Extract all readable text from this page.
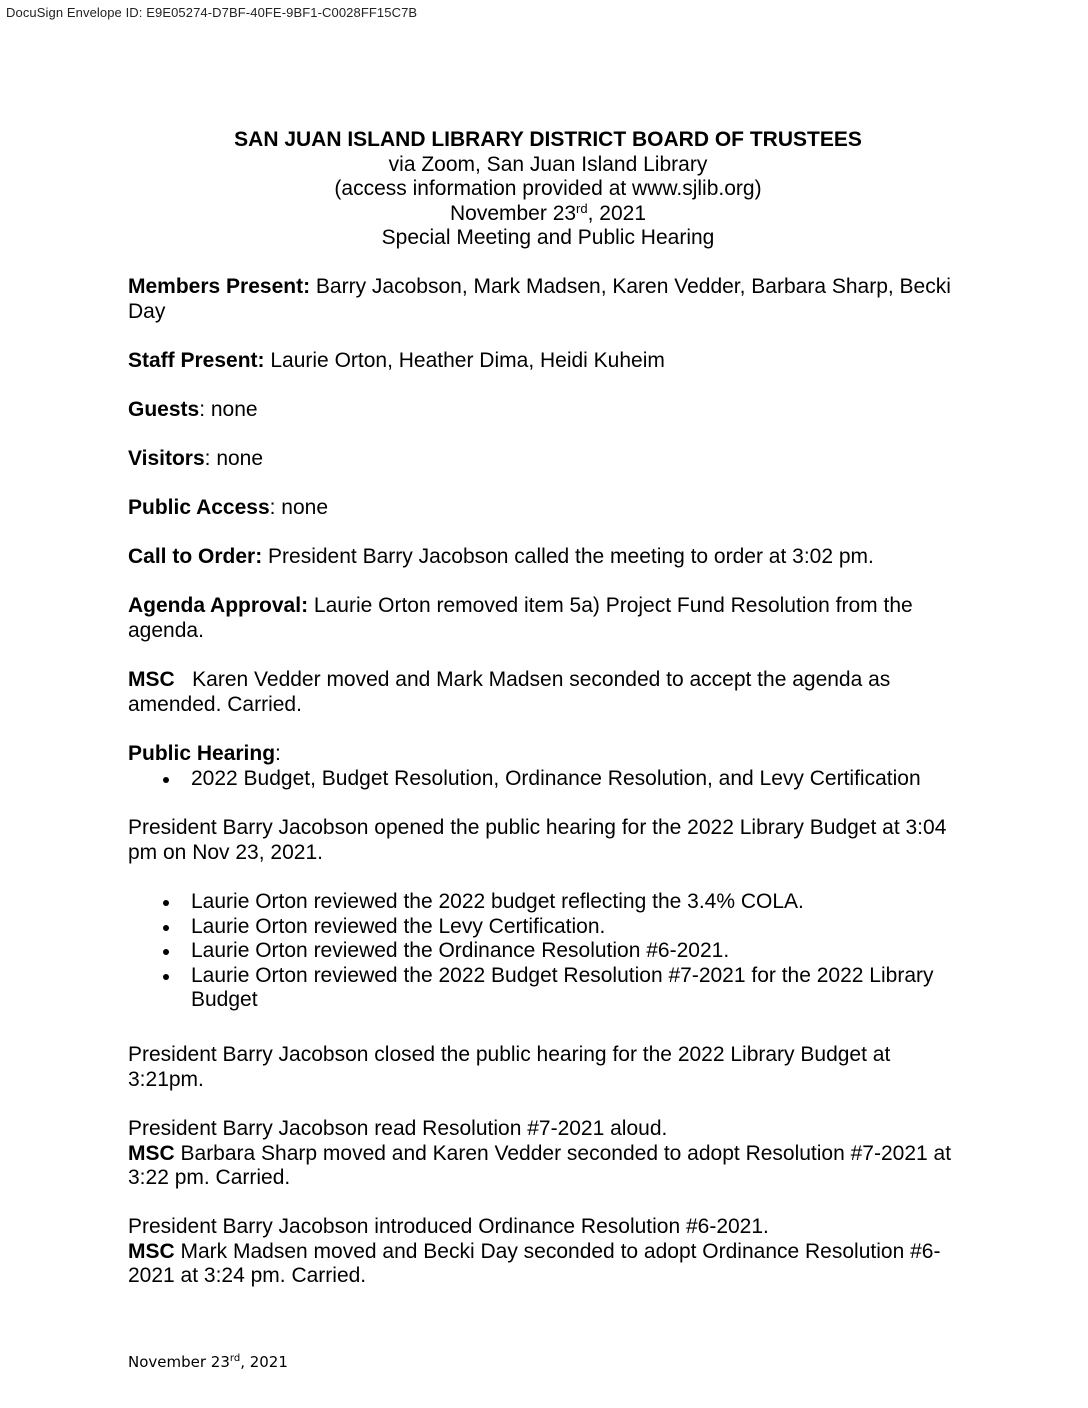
DocuSign Envelope ID: E9E05274-D7BF-40FE-9BF1-C0028FF15C7B
SAN JUAN ISLAND LIBRARY DISTRICT BOARD OF TRUSTEES
via Zoom, San Juan Island Library
(access information provided at www.sjlib.org)
November 23rd, 2021
Special Meeting and Public Hearing
Members Present: Barry Jacobson, Mark Madsen, Karen Vedder, Barbara Sharp, Becki Day
Staff Present: Laurie Orton, Heather Dima, Heidi Kuheim
Guests: none
Visitors: none
Public Access: none
Call to Order: President Barry Jacobson called the meeting to order at 3:02 pm.
Agenda Approval: Laurie Orton removed item 5a) Project Fund Resolution from the agenda.
MSC   Karen Vedder moved and Mark Madsen seconded to accept the agenda as amended. Carried.
Public Hearing:
2022 Budget, Budget Resolution, Ordinance Resolution, and Levy Certification
President Barry Jacobson opened the public hearing for the 2022 Library Budget at 3:04 pm on Nov 23, 2021.
Laurie Orton reviewed the 2022 budget reflecting the 3.4% COLA.
Laurie Orton reviewed the Levy Certification.
Laurie Orton reviewed the Ordinance Resolution #6-2021.
Laurie Orton reviewed the 2022 Budget Resolution #7-2021 for the 2022 Library Budget
President Barry Jacobson closed the public hearing for the 2022 Library Budget at 3:21pm.
President Barry Jacobson read Resolution #7-2021 aloud.
MSC Barbara Sharp moved and Karen Vedder seconded to adopt Resolution #7-2021 at 3:22 pm. Carried.
President Barry Jacobson introduced Ordinance Resolution #6-2021.
MSC Mark Madsen moved and Becki Day seconded to adopt Ordinance Resolution #6-2021 at 3:24 pm. Carried.
November 23rd, 2021
